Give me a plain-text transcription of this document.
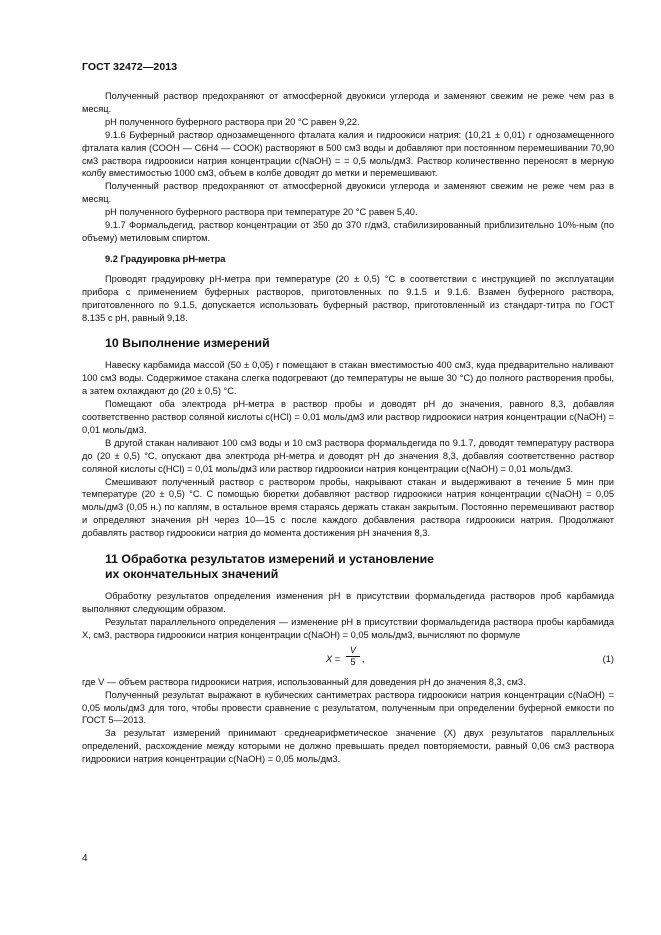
ГОСТ 32472—2013

Полученный раствор предохраняют от атмосферной двуокиси углерода и заменяют свежим не реже чем раз в месяц.

рН полученного буферного раствора при 20 °C равен 9,22.

9.1.6 Буферный раствор однозамещенного фталата калия и гидроокиси натрия: (10,21 ± 0,01) г однозамещенного фталата калия (СООН — С6Н4 — СООК) растворяют в 500 см3 воды и добавляют при постоянном перемешивании 70,90 см3 раствора гидроокиси натрия концентрации c(NaOH) = = 0,5 моль/дм3. Раствор количественно переносят в мерную колбу вместимостью 1000 см3, объем в колбе доводят до метки и перемешивают.

Полученный раствор предохраняют от атмосферной двуокиси углерода и заменяют свежим не реже чем раз в месяц.

рН полученного буферного раствора при температуре 20 °C равен 5,40.

9.1.7 Формальдегид, раствор концентрации от 350 до 370 г/дм3, стабилизированный приблизительно 10%-ным (по объему) метиловым спиртом.

9.2 Градуировка рН-метра

Проводят градуировку рН-метра при температуре (20 ± 0,5) °C в соответствии с инструкцией по эксплуатации прибора с применением буферных растворов, приготовленных по 9.1.5 и 9.1.6. Взамен буферного раствора, приготовленного по 9.1.5, допускается использовать буферный раствор, приготовленный из стандарт-титра по ГОСТ 8.135 с рН, равный 9,18.

10 Выполнение измерений

Навеску карбамида массой (50 ± 0,05) г помещают в стакан вместимостью 400 см3, куда предварительно наливают 100 см3 воды. Содержимое стакана слегка подогревают (до температуры не выше 30 °C) до полного растворения пробы, а затем охлаждают до (20 ± 0,5) °C.

Помещают оба электрода рН-метра в раствор пробы и доводят рН до значения, равного 8,3, добавляя соответственно раствор соляной кислоты c(HCl) = 0,01 моль/дм3 или раствор гидроокиси натрия концентрации c(NaOH) = 0,01 моль/дм3.

В другой стакан наливают 100 см3 воды и 10 см3 раствора формальдегида по 9.1.7, доводят температуру раствора до (20 ± 0,5) °C, опускают два электрода рН-метра и доводят рН до значения 8,3, добавляя соответственно раствор соляной кислоты c(HCl) = 0,01 моль/дм3 или раствор гидроокиси натрия концентрации c(NaOH) = 0,01 моль/дм3.

Смешивают полученный раствор с раствором пробы, накрывают стакан и выдерживают в течение 5 мин при температуре (20 ± 0,5) °C. С помощью бюретки добавляют раствор гидроокиси натрия концентрации c(NaOH) = 0,05 моль/дм3 (0,05 н.) по каплям, в остальное время стараясь держать стакан закрытым. Постоянно перемешивают раствор и определяют значения рН через 10—15 с после каждого добавления раствора гидроокиси натрия. Продолжают добавлять раствор гидроокиси натрия до момента достижения рН значения 8,3.

11 Обработка результатов измерений и установление
их окончательных значений

Обработку результатов определения изменения рН в присутствии формальдегида растворов проб карбамида выполняют следующим образом.

Результат параллельного определения — изменение рН в присутствии формальдегида раствора пробы карбамида X, см3, раствора гидроокиси натрия концентрации c(NaOH) = 0,05 моль/дм3, вычисляют по формуле

$X = \frac{V}{5}$ ,	(1)

где V — объем раствора гидроокиси натрия, использованный для доведения рН до значения 8,3, см3.

Полученный результат выражают в кубических сантиметрах раствора гидроокиси натрия концентрации c(NaOH) = 0,05 моль/дм3 для того, чтобы провести сравнение с результатом, полученным при определении буферной емкости по ГОСТ 5—2013.

За результат измерений принимают среднеарифметическое значение (X) двух результатов параллельных определений, расхождение между которыми не должно превышать предел повторяемости, равный 0,06 см3 раствора гидроокиси натрия концентрации c(NaOH) = 0,05 моль/дм3.

4
